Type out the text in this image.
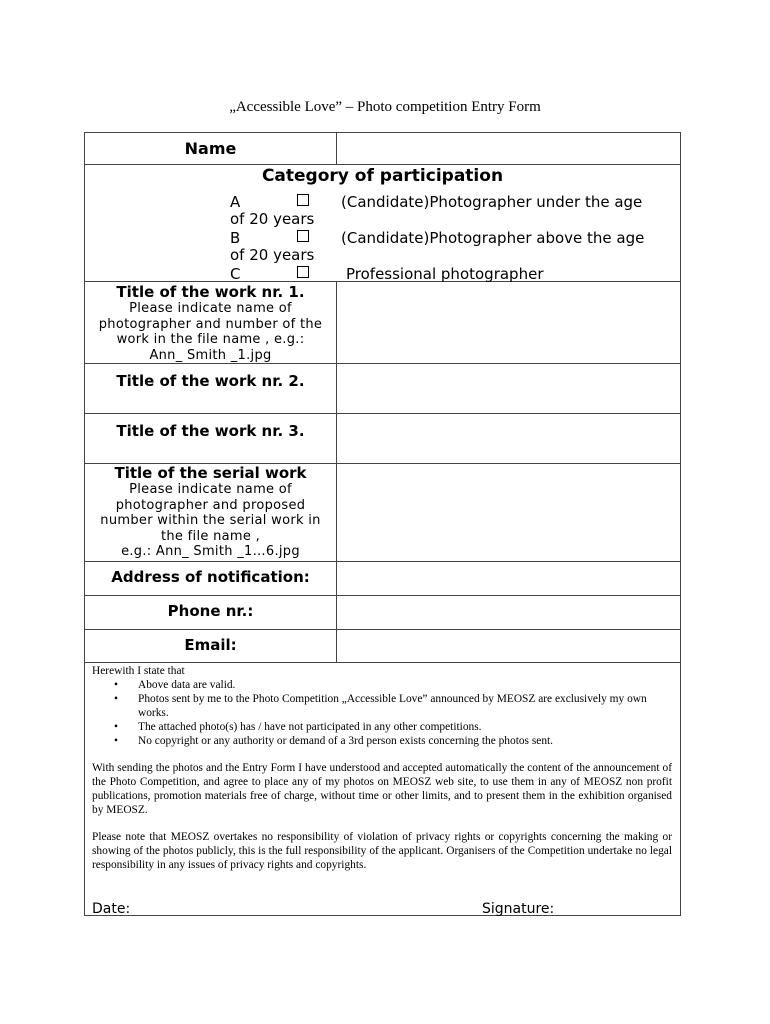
„Accessible Love” – Photo competition Entry Form
Name
Category of participation
A	(Candidate)Photographer under the age
of 20 years
B	(Candidate)Photographer above the age
of 20 years
C	Professional photographer
Title of the work nr. 1.
Please indicate name of
photographer and number of the
work in the file name , e.g.:
Ann_ Smith _1.jpg
Title of the work nr. 2.
Title of the work nr. 3.
Title of the serial work
Please indicate name of
photographer and proposed
number within the serial work in
the file name ,
e.g.: Ann_ Smith _1…6.jpg
Address of notification:
Phone nr.:
Email:
Herewith I state that
• Above data are valid.
• Photos sent by me to the Photo Competition „Accessible Love” announced by MEOSZ are exclusively my own works.
• The attached photo(s) has / have not participated in any other competitions.
• No copyright or any authority or demand of a 3rd person exists concerning the photos sent.
With sending the photos and the Entry Form I have understood and accepted automatically the content of the announcement of the Photo Competition, and agree to place any of my photos on MEOSZ web site, to use them in any of MEOSZ non profit publications, promotion materials free of charge, without time or other limits, and to present them in the exhibition organised by MEOSZ.
Please note that MEOSZ overtakes no responsibility of violation of privacy rights or copyrights concerning the making or showing of the photos publicly, this is the full responsibility of the applicant. Organisers of the Competition undertake no legal responsibility in any issues of privacy rights and copyrights.
Date:	Signature:
